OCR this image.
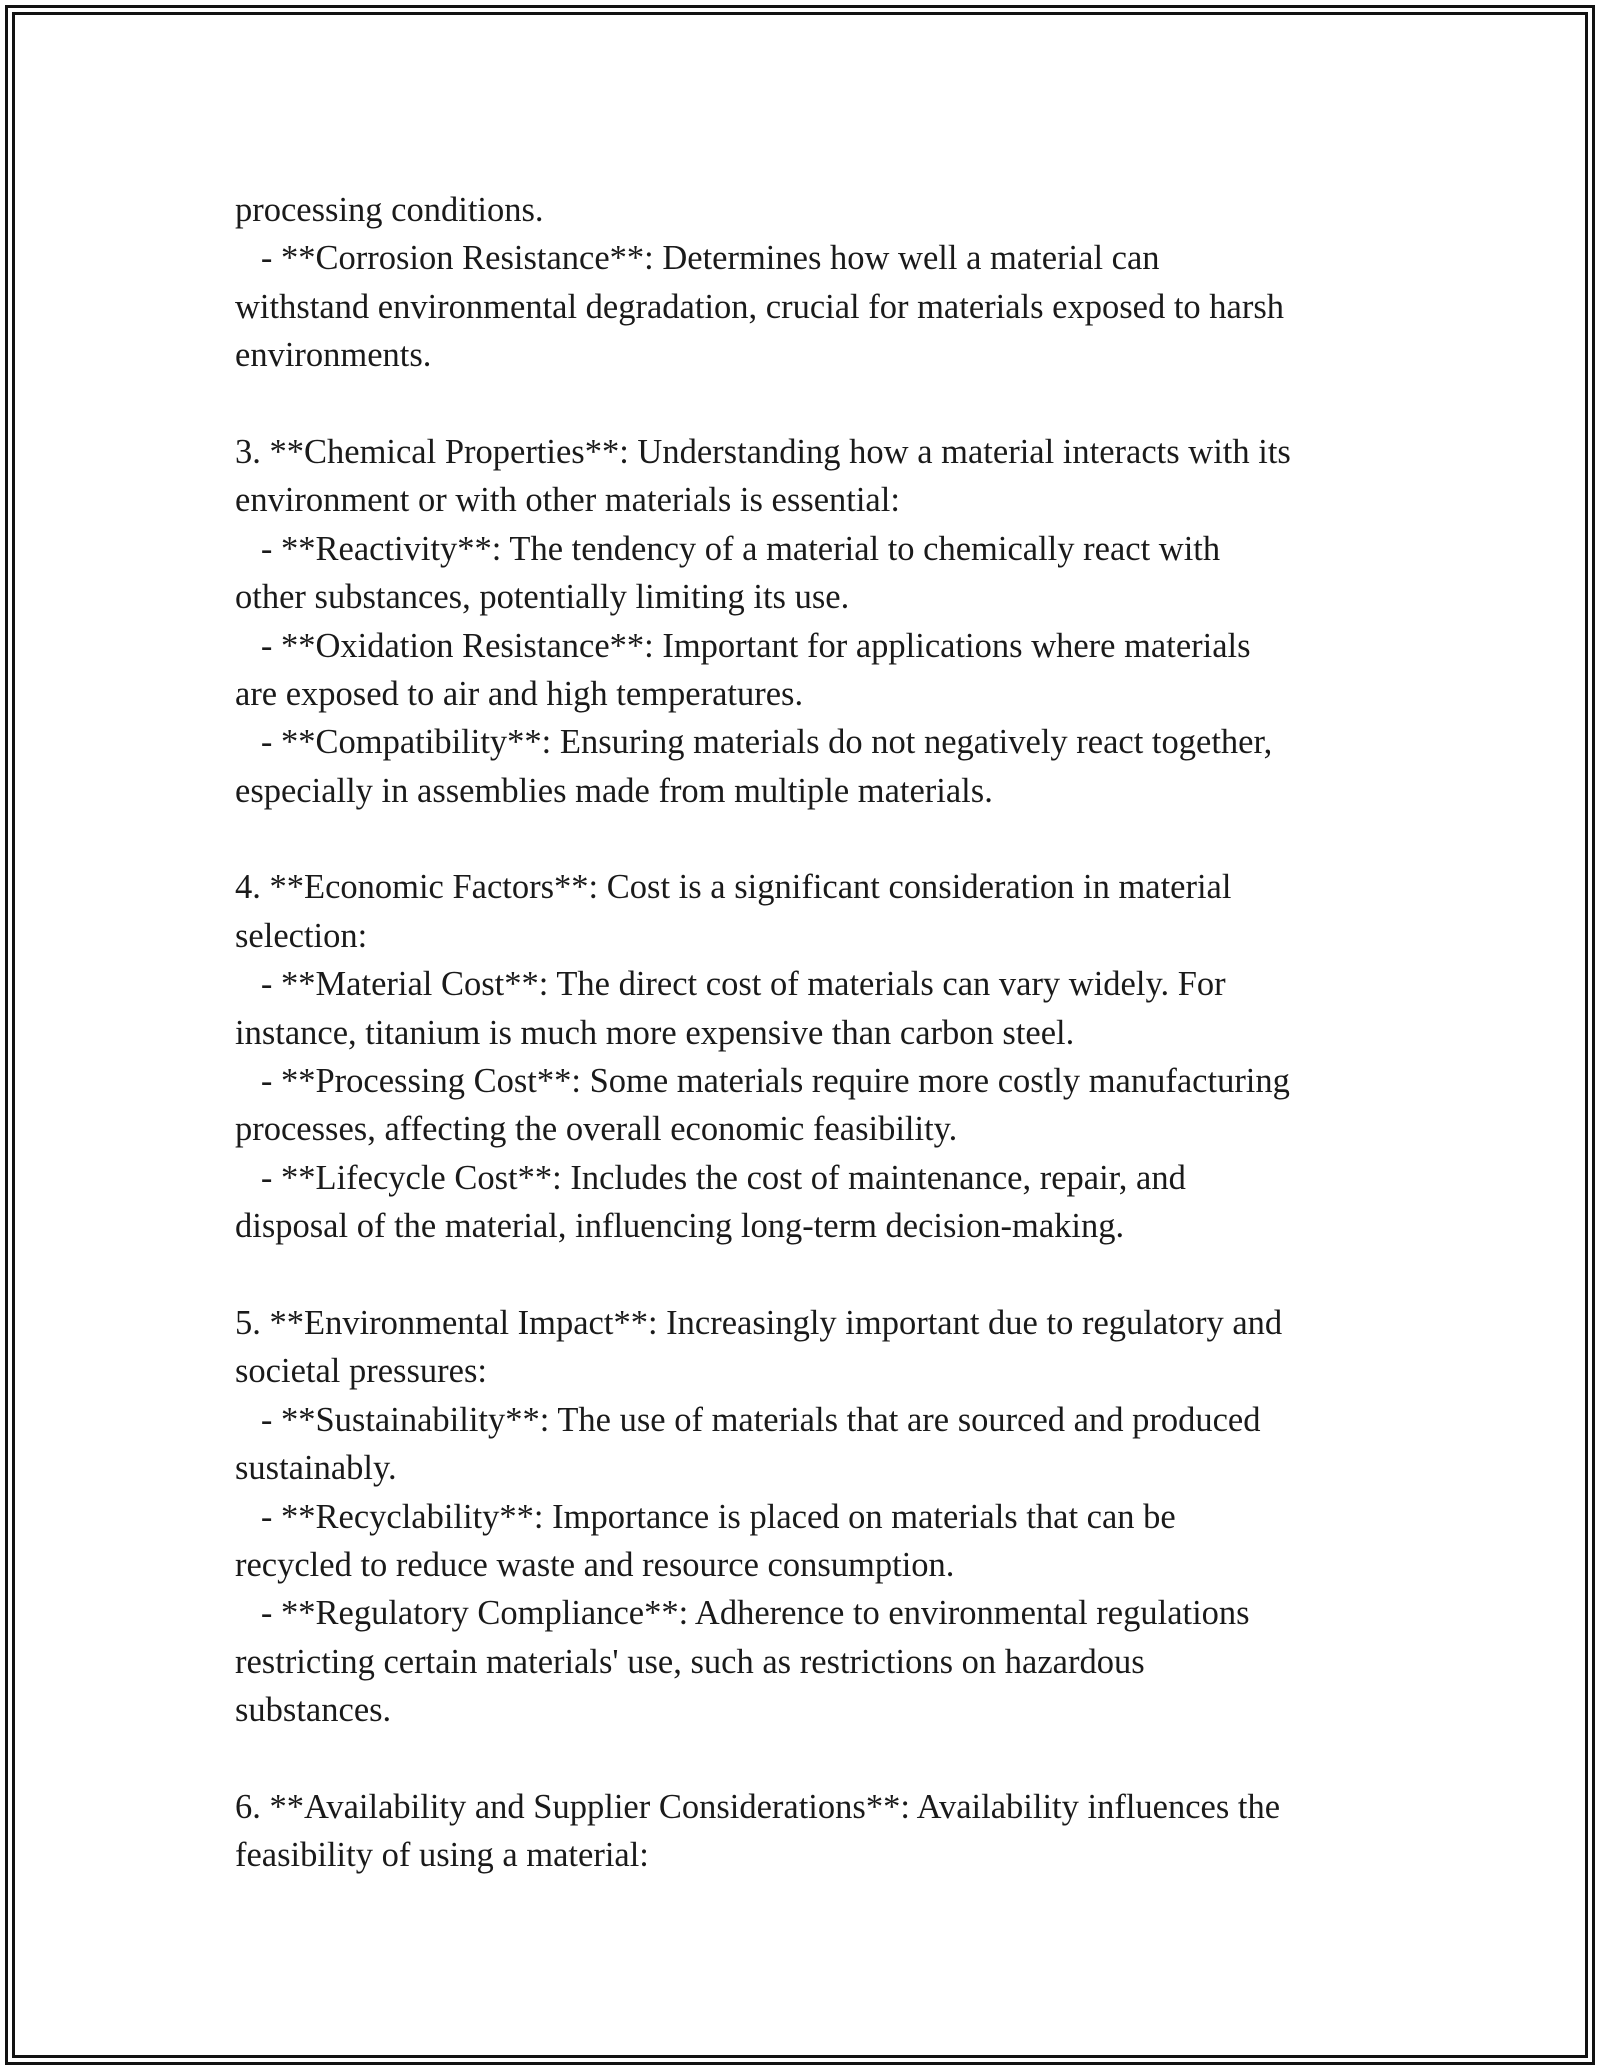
processing conditions.
- **Corrosion Resistance**: Determines how well a material can
withstand environmental degradation, crucial for materials exposed to harsh
environments.
3. **Chemical Properties**: Understanding how a material interacts with its
environment or with other materials is essential:
- **Reactivity**: The tendency of a material to chemically react with
other substances, potentially limiting its use.
- **Oxidation Resistance**: Important for applications where materials
are exposed to air and high temperatures.
- **Compatibility**: Ensuring materials do not negatively react together,
especially in assemblies made from multiple materials.
4. **Economic Factors**: Cost is a significant consideration in material
selection:
- **Material Cost**: The direct cost of materials can vary widely. For
instance, titanium is much more expensive than carbon steel.
- **Processing Cost**: Some materials require more costly manufacturing
processes, affecting the overall economic feasibility.
- **Lifecycle Cost**: Includes the cost of maintenance, repair, and
disposal of the material, influencing long-term decision-making.
5. **Environmental Impact**: Increasingly important due to regulatory and
societal pressures:
- **Sustainability**: The use of materials that are sourced and produced
sustainably.
- **Recyclability**: Importance is placed on materials that can be
recycled to reduce waste and resource consumption.
- **Regulatory Compliance**: Adherence to environmental regulations
restricting certain materials' use, such as restrictions on hazardous
substances.
6. **Availability and Supplier Considerations**: Availability influences the
feasibility of using a material:
